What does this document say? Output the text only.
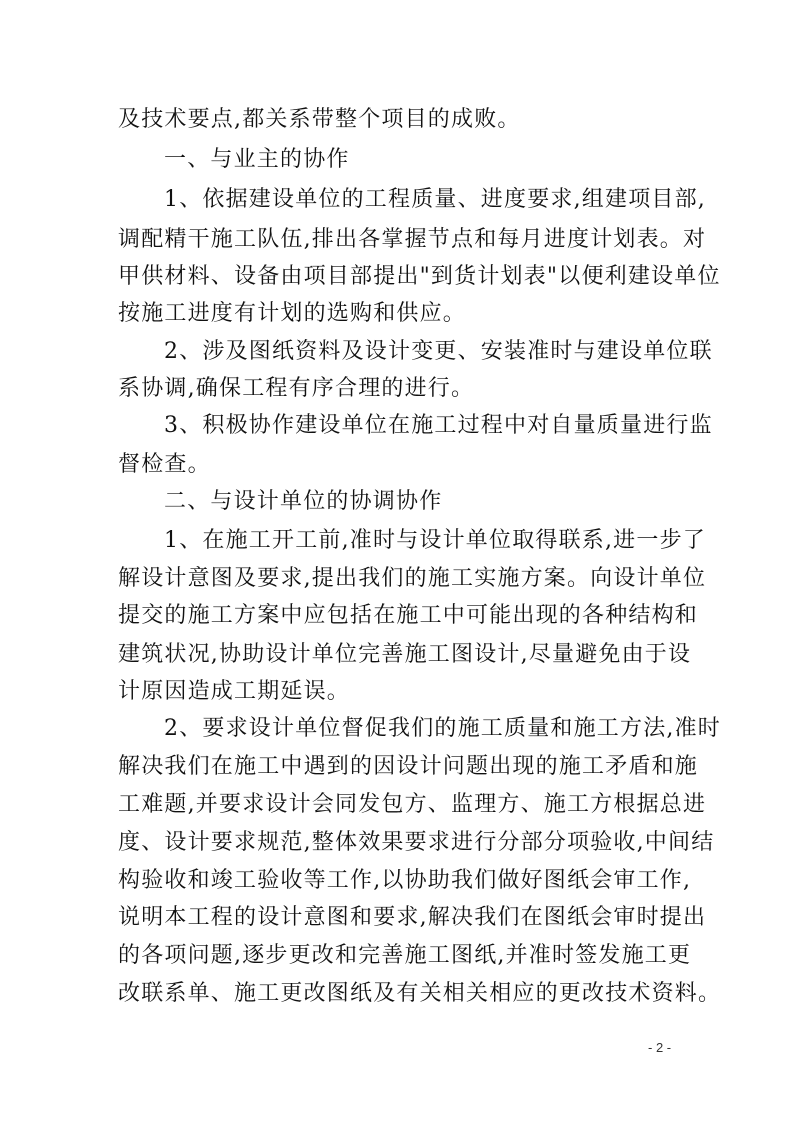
及技术要点,都关系带整个项目的成败。
一、与业主的协作
1、依据建设单位的工程质量、进度要求,组建项目部,
调配精干施工队伍,排出各掌握节点和每月进度计划表。对
甲供材料、设备由项目部提出"到货计划表"以便利建设单位
按施工进度有计划的选购和供应。
2、涉及图纸资料及设计变更、安装准时与建设单位联
系协调,确保工程有序合理的进行。
3、积极协作建设单位在施工过程中对自量质量进行监
督检查。
二、与设计单位的协调协作
1、在施工开工前,准时与设计单位取得联系,进一步了
解设计意图及要求,提出我们的施工实施方案。向设计单位
提交的施工方案中应包括在施工中可能出现的各种结构和
建筑状况,协助设计单位完善施工图设计,尽量避免由于设
计原因造成工期延误。
2、要求设计单位督促我们的施工质量和施工方法,准时
解决我们在施工中遇到的因设计问题出现的施工矛盾和施
工难题,并要求设计会同发包方、监理方、施工方根据总进
度、设计要求规范,整体效果要求进行分部分项验收,中间结
构验收和竣工验收等工作,以协助我们做好图纸会审工作,
说明本工程的设计意图和要求,解决我们在图纸会审时提出
的各项问题,逐步更改和完善施工图纸,并准时签发施工更
改联系单、施工更改图纸及有关相关相应的更改技术资料。
- 2 -
